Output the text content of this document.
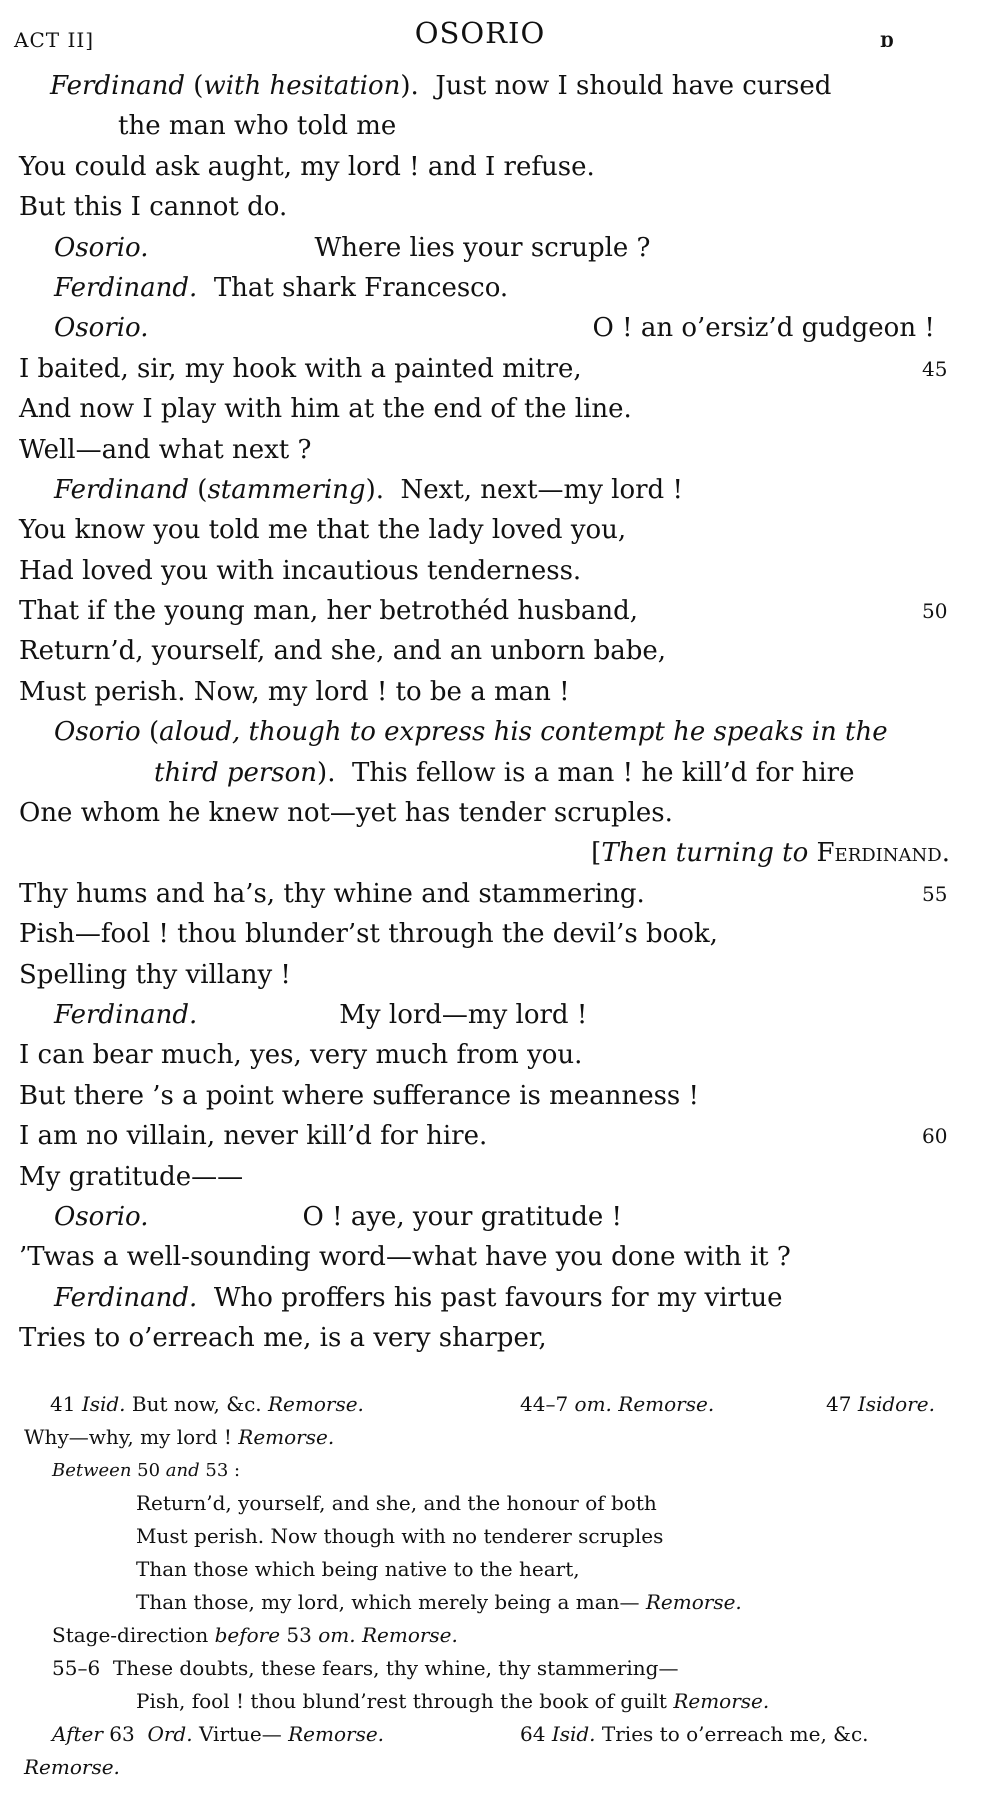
ACT II]	OSORIO	Ɒ
Ferdinand (with hesitation).  Just now I should have cursed
the man who told me
You could ask aught, my lord ! and I refuse.
But this I cannot do.
Osorio.	Where lies your scruple ?
Ferdinand. That shark Francesco.
Osorio.	O ! an o’ersiz’d gudgeon !
I baited, sir, my hook with a painted mitre,	45
And now I play with him at the end of the line.
Well—and what next ?
Ferdinand (stammering).  Next, next—my lord !
You know you told me that the lady loved you,
Had loved you with incautious tenderness.
That if the young man, her betrothéd husband,	50
Return’d, yourself, and she, and an unborn babe,
Must perish. Now, my lord ! to be a man !
Osorio (aloud, though to express his contempt he speaks in the
third person).  This fellow is a man ! he kill’d for hire
One whom he knew not—yet has tender scruples.
[Then turning to Ferdinand.
Thy hums and ha’s, thy whine and stammering.	55
Pish—fool ! thou blunder’st through the devil’s book,
Spelling thy villany !
Ferdinand.	My lord—my lord !
I can bear much, yes, very much from you.
But there ’s a point where sufferance is meanness !
I am no villain, never kill’d for hire.	60
My gratitude——
Osorio.	O ! aye, your gratitude !
’Twas a well-sounding word—what have you done with it ?
Ferdinand. Who proffers his past favours for my virtue
Tries to o’erreach me, is a very sharper,
41 Isid. But now, &c. Remorse.	44–7 om. Remorse.	47 Isidore.
Why—why, my lord ! Remorse.
Between 50 and 53 :
Return’d, yourself, and she, and the honour of both
Must perish. Now though with no tenderer scruples
Than those which being native to the heart,
Than those, my lord, which merely being a man— Remorse.
Stage-direction before 53 om. Remorse.
55–6 These doubts, these fears, thy whine, thy stammering—
Pish, fool ! thou blund’rest through the book of guilt Remorse.
After 63 Ord. Virtue— Remorse.	64 Isid. Tries to o’erreach me, &c.
Remorse.
